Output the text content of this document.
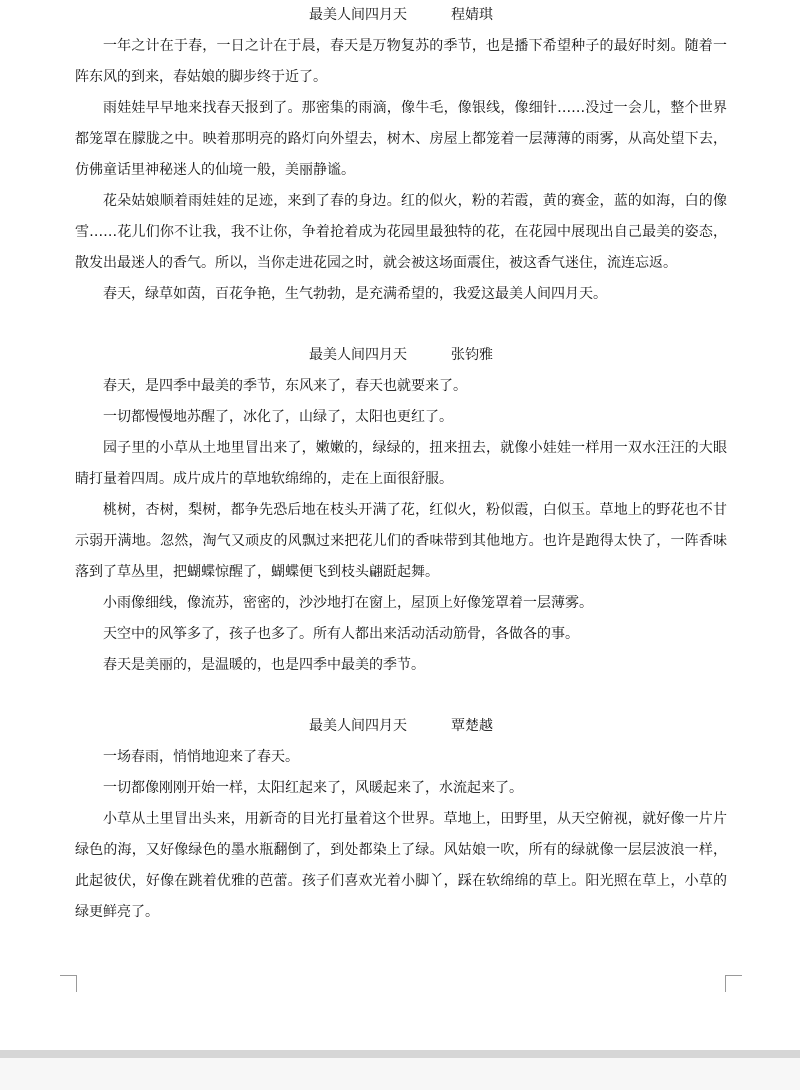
最美人间四月天	程婧琪

一年之计在于春，一日之计在于晨，春天是万物复苏的季节，也是播下希望种子的最好时刻。随着一阵东风的到来，春姑娘的脚步终于近了。

雨娃娃早早地来找春天报到了。那密集的雨滴，像牛毛，像银线，像细针……没过一会儿，整个世界都笼罩在朦胧之中。映着那明亮的路灯向外望去，树木、房屋上都笼着一层薄薄的雨雾，从高处望下去，仿佛童话里神秘迷人的仙境一般，美丽静谧。

花朵姑娘顺着雨娃娃的足迹，来到了春的身边。红的似火，粉的若霞，黄的赛金，蓝的如海，白的像雪……花儿们你不让我，我不让你，争着抢着成为花园里最独特的花，在花园中展现出自己最美的姿态，散发出最迷人的香气。所以，当你走进花园之时，就会被这场面震住，被这香气迷住，流连忘返。

春天，绿草如茵，百花争艳，生气勃勃，是充满希望的，我爱这最美人间四月天。

最美人间四月天	张钧雅

春天，是四季中最美的季节，东风来了，春天也就要来了。

一切都慢慢地苏醒了，冰化了，山绿了，太阳也更红了。

园子里的小草从土地里冒出来了，嫩嫩的，绿绿的，扭来扭去，就像小娃娃一样用一双水汪汪的大眼睛打量着四周。成片成片的草地软绵绵的，走在上面很舒服。

桃树，杏树，梨树，都争先恐后地在枝头开满了花，红似火，粉似霞，白似玉。草地上的野花也不甘示弱开满地。忽然，淘气又顽皮的风飘过来把花儿们的香味带到其他地方。也许是跑得太快了，一阵香味落到了草丛里，把蝴蝶惊醒了，蝴蝶便飞到枝头翩跹起舞。

小雨像细线，像流苏，密密的，沙沙地打在窗上，屋顶上好像笼罩着一层薄雾。

天空中的风筝多了，孩子也多了。所有人都出来活动活动筋骨，各做各的事。

春天是美丽的，是温暖的，也是四季中最美的季节。

最美人间四月天	覃楚越

一场春雨，悄悄地迎来了春天。

一切都像刚刚开始一样，太阳红起来了，风暖起来了，水流起来了。

小草从土里冒出头来，用新奇的目光打量着这个世界。草地上，田野里，从天空俯视，就好像一片片绿色的海，又好像绿色的墨水瓶翻倒了，到处都染上了绿。风姑娘一吹，所有的绿就像一层层波浪一样，此起彼伏，好像在跳着优雅的芭蕾。孩子们喜欢光着小脚丫，踩在软绵绵的草上。阳光照在草上，小草的绿更鲜亮了。
